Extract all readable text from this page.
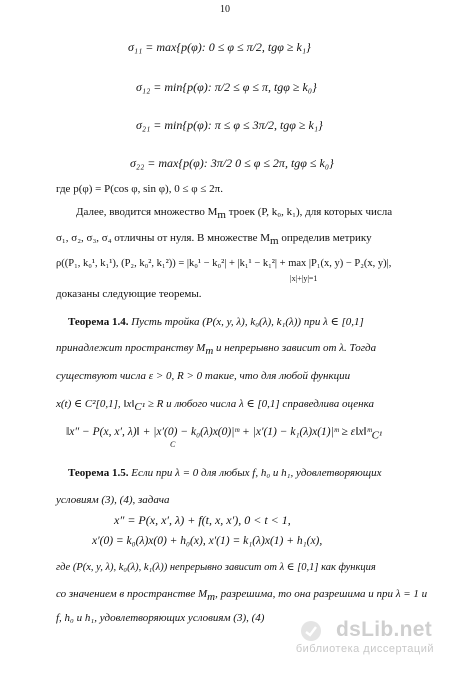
10
σ₁₁ = max{p(φ): 0 ≤ φ ≤ π/2, tgφ ≥ k₁}
σ₁₂ = min{p(φ): π/2 ≤ φ ≤ π, tgφ ≥ k₀}
σ₂₁ = min{p(φ): π ≤ φ ≤ 3π/2, tgφ ≥ k₁}
σ₂₂ = max{p(φ): 3π/2 0 ≤ φ ≤ 2π, tgφ ≤ k₀}
где p(φ) = P(cos φ, sin φ), 0 ≤ φ ≤ 2π.
Далее, вводится множество $M_m$ троек (P, k₀, k₁), для которых числа
σ₁, σ₂, σ₃, σ₄ отличны от нуля. В множестве $M_m$ определив метрику
ρ((P₁, k₀¹, k₁¹), (P₂, k₀², k₁²)) = |k₀¹ − k₀²| + |k₁¹ − k₁²| + max |P₁(x, y) − P₂(x, y)|,
|x|+|y|=1
доказаны следующие теоремы.
Теорема 1.4. Пусть тройка (P(x, y, λ), k₀(λ), k₁(λ)) при λ ∈ [0,1]
принадлежит пространству $M_m$ и непрерывно зависит от λ. Тогда
существуют числа ε > 0, R > 0 такие, что для любой функции
x(t) ∈ C²[0,1], $‖x‖_{C^1} \ge R$ и любого числа λ ∈ [0,1] справедлива оценка
‖x″ − P(x, x′, λ)‖ + |x′(0) − k₀(λ)x(0)|ᵐ + |x′(1) − k₁(λ)x(1)|ᵐ ≥ ε‖x‖ᵐ$_{C^1}$
C
Теорема 1.5. Если при λ = 0 для любых f, h₀ и h₁, удовлетворяющих
условиям (3), (4), задача
x″ = P(x, x′, λ) + f(t, x, x′), 0 < t < 1,
x′(0) = k₀(λ)x(0) + h₀(x), x′(1) = k₁(λ)x(1) + h₁(x),
где (P(x, y, λ), k₀(λ), k₁(λ)) непрерывно зависит от λ ∈ [0,1] как функция
со значением в пространстве $M_m$, разрешима, то она разрешима и при λ = 1 и
f, h₀ и h₁, удовлетворяющих условиям (3), (4)	dsLib.net
библиотека диссертаций
